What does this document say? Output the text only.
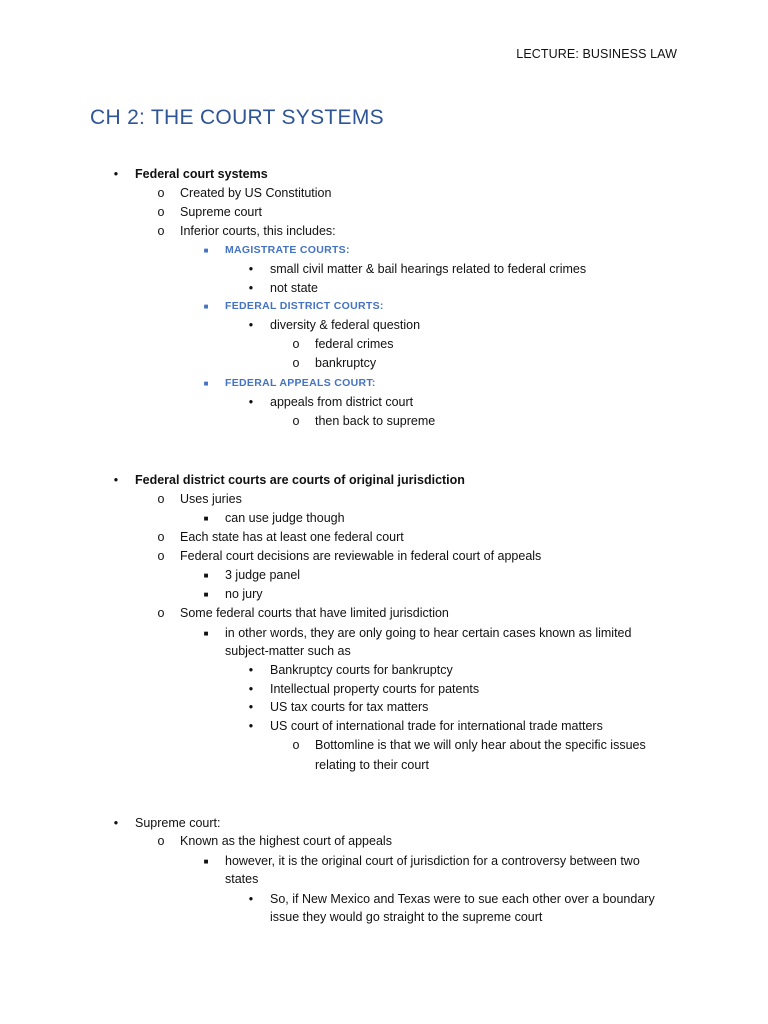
LECTURE: BUSINESS LAW
CH 2: THE COURT SYSTEMS
•	Federal court systems
o Created by US Constitution
o Supreme court
o Inferior courts, this includes:
■	MAGISTRATE COURTS:
•	small civil matter & bail hearings related to federal crimes
•	not state
■	FEDERAL DISTRICT COURTS:
•	diversity & federal question
o federal crimes
o bankruptcy
■	FEDERAL APPEALS COURT:
•	appeals from district court
o then back to supreme
•	Federal district courts are courts of original jurisdiction
o Uses juries
■ can use judge though
o Each state has at least one federal court
o Federal court decisions are reviewable in federal court of appeals
■ 3 judge panel
■ no jury
o Some federal courts that have limited jurisdiction
■ in other words, they are only going to hear certain cases known as limited
subject-matter such as
•	Bankruptcy courts for bankruptcy
•	Intellectual property courts for patents
•	US tax courts for tax matters
•	US court of international trade for international trade matters
o Bottomline is that we will only hear about the specific issues
relating to their court
•	Supreme court:
o Known as the highest court of appeals
■ however, it is the original court of jurisdiction for a controversy between two
states
•	So, if New Mexico and Texas were to sue each other over a boundary
issue they would go straight to the supreme court
